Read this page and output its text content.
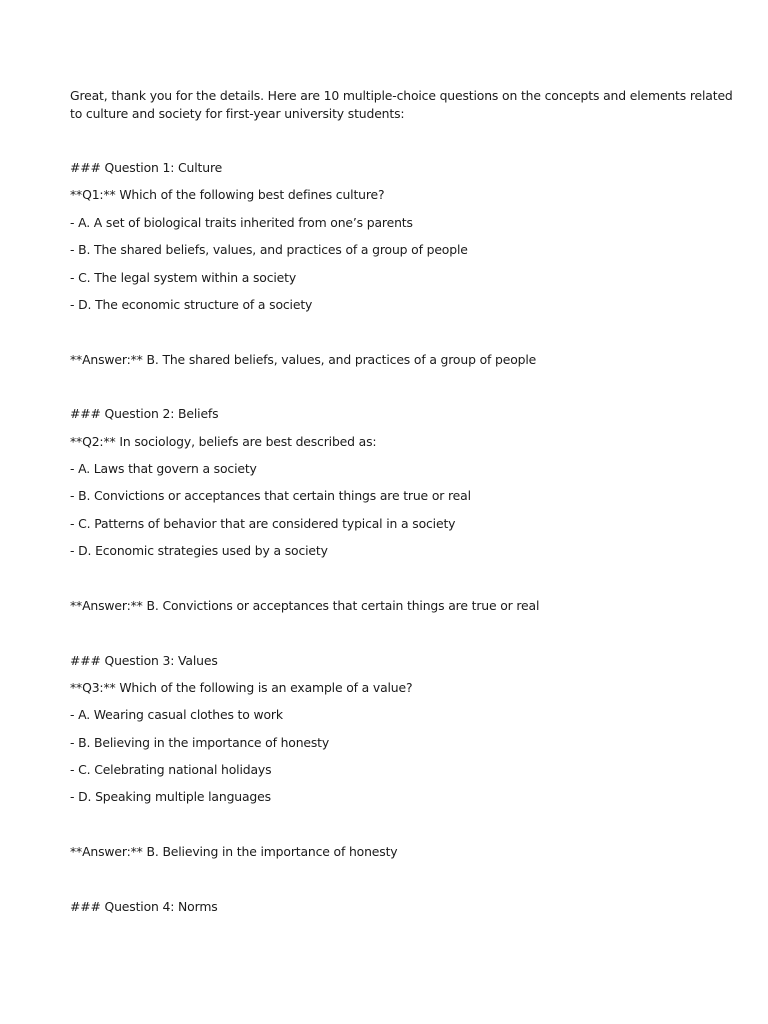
Great, thank you for the details. Here are 10 multiple-choice questions on the concepts and elements related
to culture and society for first-year university students:
### Question 1: Culture
**Q1:** Which of the following best defines culture?
- A. A set of biological traits inherited from one’s parents
- B. The shared beliefs, values, and practices of a group of people
- C. The legal system within a society
- D. The economic structure of a society
**Answer:** B. The shared beliefs, values, and practices of a group of people
### Question 2: Beliefs
**Q2:** In sociology, beliefs are best described as:
- A. Laws that govern a society
- B. Convictions or acceptances that certain things are true or real
- C. Patterns of behavior that are considered typical in a society
- D. Economic strategies used by a society
**Answer:** B. Convictions or acceptances that certain things are true or real
### Question 3: Values
**Q3:** Which of the following is an example of a value?
- A. Wearing casual clothes to work
- B. Believing in the importance of honesty
- C. Celebrating national holidays
- D. Speaking multiple languages
**Answer:** B. Believing in the importance of honesty
### Question 4: Norms
